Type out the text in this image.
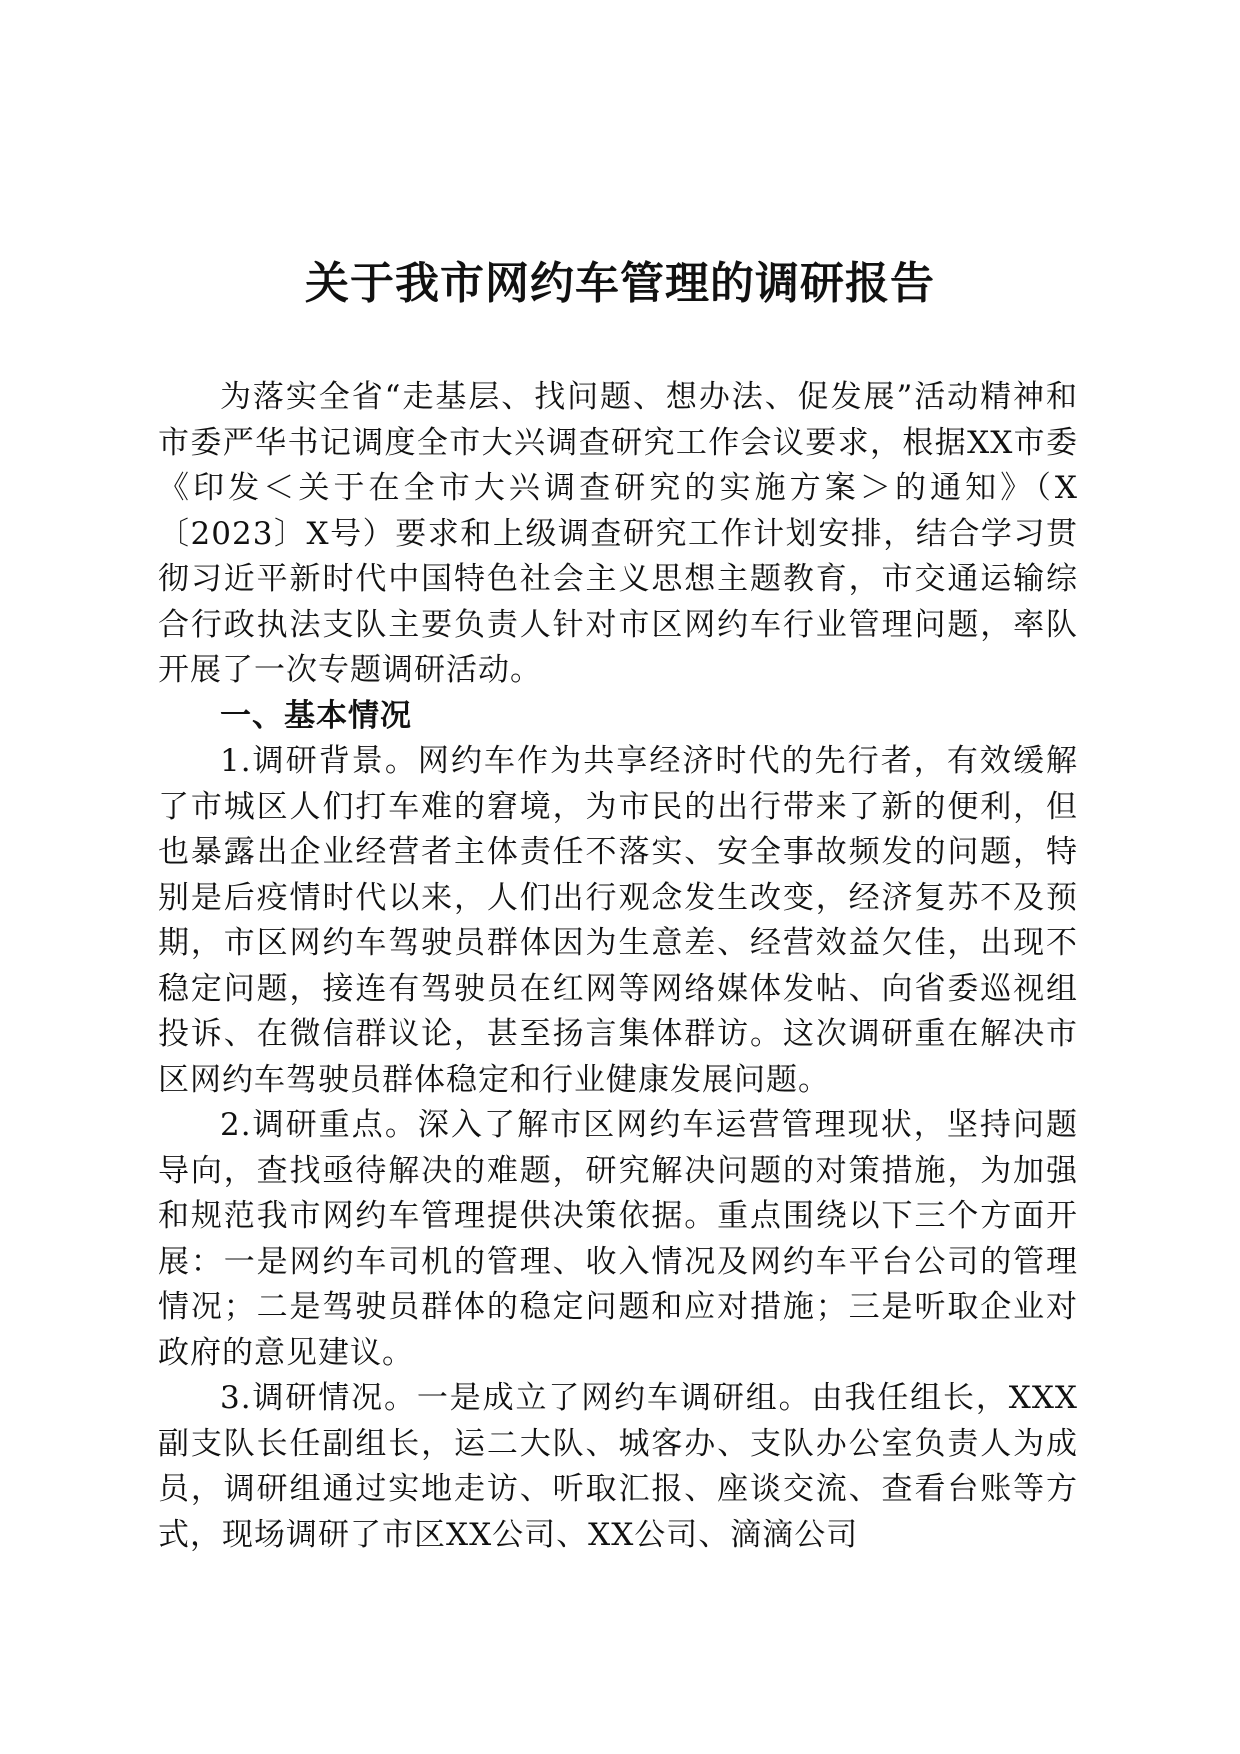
关于我市网约车管理的调研报告

为落实全省“走基层、找问题、想办法、促发展”活动精神和市委严华书记调度全市大兴调查研究工作会议要求，根据XX市委《印发＜关于在全市大兴调查研究的实施方案＞的通知》（X〔2023〕X号）要求和上级调查研究工作计划安排，结合学习贯彻习近平新时代中国特色社会主义思想主题教育，市交通运输综合行政执法支队主要负责人针对市区网约车行业管理问题，率队开展了一次专题调研活动。

一、基本情况

1.调研背景。网约车作为共享经济时代的先行者，有效缓解了市城区人们打车难的窘境，为市民的出行带来了新的便利，但也暴露出企业经营者主体责任不落实、安全事故频发的问题，特别是后疫情时代以来，人们出行观念发生改变，经济复苏不及预期，市区网约车驾驶员群体因为生意差、经营效益欠佳，出现不稳定问题，接连有驾驶员在红网等网络媒体发帖、向省委巡视组投诉、在微信群议论，甚至扬言集体群访。这次调研重在解决市区网约车驾驶员群体稳定和行业健康发展问题。

2.调研重点。深入了解市区网约车运营管理现状，坚持问题导向，查找亟待解决的难题，研究解决问题的对策措施，为加强和规范我市网约车管理提供决策依据。重点围绕以下三个方面开展：一是网约车司机的管理、收入情况及网约车平台公司的管理情况；二是驾驶员群体的稳定问题和应对措施；三是听取企业对政府的意见建议。

3.调研情况。一是成立了网约车调研组。由我任组长，XXX副支队长任副组长，运二大队、城客办、支队办公室负责人为成员，调研组通过实地走访、听取汇报、座谈交流、查看台账等方式，现场调研了市区XX公司、XX公司、滴滴公司
